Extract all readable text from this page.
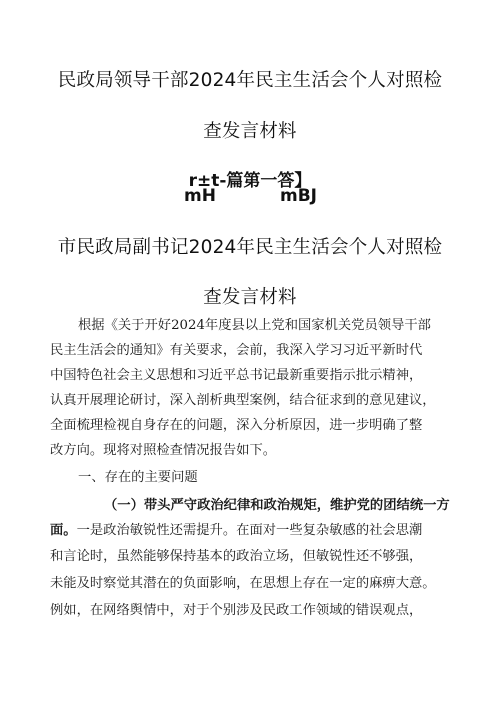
民政局领导干部2024年民主生活会个人对照检
查发言材料
r±t-篇第一答】
mH	mBJ
市民政局副书记2024年民主生活会个人对照检
查发言材料
根据《关于开好2024年度县以上党和国家机关党员领导干部
民主生活会的通知》有关要求，会前，我深入学习习近平新时代
中国特色社会主义思想和习近平总书记最新重要指示批示精神，
认真开展理论研讨，深入剖析典型案例，结合征求到的意见建议，
全面梳理检视自身存在的问题，深入分析原因，进一步明确了整
改方向。现将对照检查情况报告如下。
一、存在的主要问题
（一）带头严守政治纪律和政治规矩，维护党的团结统一方
面。一是政治敏锐性还需提升。在面对一些复杂敏感的社会思潮
和言论时，虽然能够保持基本的政治立场，但敏锐性还不够强，
未能及时察觉其潜在的负面影响，在思想上存在一定的麻痹大意。
例如，在网络舆情中，对于个别涉及民政工作领域的错误观点，
